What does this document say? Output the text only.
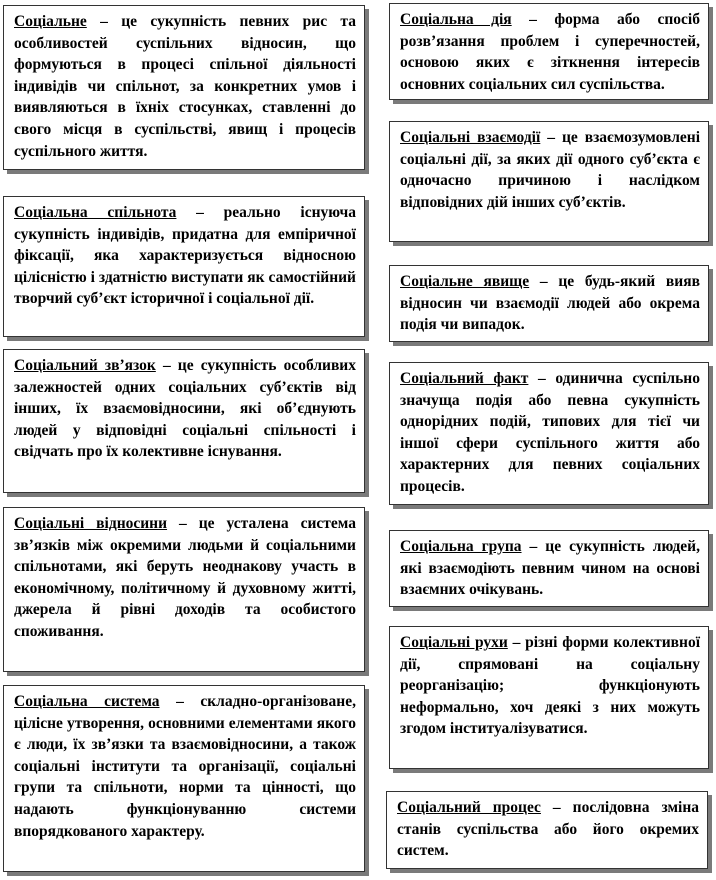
Соціальне – це сукупність певних рис та особливостей суспільних відносин, що формуються в процесі спільної діяльності індивідів чи спільнот, за конкретних умов і виявляються в їхніх стосунках, ставленні до свого місця в суспільстві, явищ і процесів суспільного життя.
Соціальна спільнота – реально існуюча сукупність індивідів, придатна для емпіричної фіксації, яка характеризується відносною цілісністю і здатністю виступати як самостійний творчий суб’єкт історичної і соціальної дії.
Соціальний зв’язок – це сукупність особливих залежностей одних соціальних суб’єктів від інших, їх взаємовідносини, які об’єднують людей у відповідні соціальні спільності і свідчать про їх колективне існування.
Соціальні відносини – це усталена система зв’язків між окремими людьми й соціальними спільнотами, які беруть неоднакову участь в економічному, політичному й духовному житті, джерела й рівні доходів та особистого споживання.
Соціальна система – складно-організоване, цілісне утворення, основними елементами якого є люди, їх зв’язки та взаємовідносини, а також соціальні інститути та організації, соціальні групи та спільноти, норми та цінності, що надають функціонуванню системи впорядкованого характеру.
Соціальна дія – форма або спосіб розв’язання проблем і суперечностей, основою яких є зіткнення інтересів основних соціальних сил суспільства.
Соціальні взаємодії – це взаємозумовлені соціальні дії, за яких дії одного суб’єкта є одночасно причиною і наслідком відповідних дій інших суб’єктів.
Соціальне явище – це будь-який вияв відносин чи взаємодії людей або окрема подія чи випадок.
Соціальний факт – одинична суспільно значуща подія або певна сукупність однорідних подій, типових для тієї чи іншої сфери суспільного життя або характерних для певних соціальних процесів.
Соціальна група – це сукупність людей, які взаємодіють певним чином на основі взаємних очікувань.
Соціальні рухи – різні форми колективної дії, спрямовані на соціальну реорганізацію; функціонують неформально, хоч деякі з них можуть згодом інституалізуватися.
Соціальний процес – послідовна зміна станів суспільства або його окремих систем.
